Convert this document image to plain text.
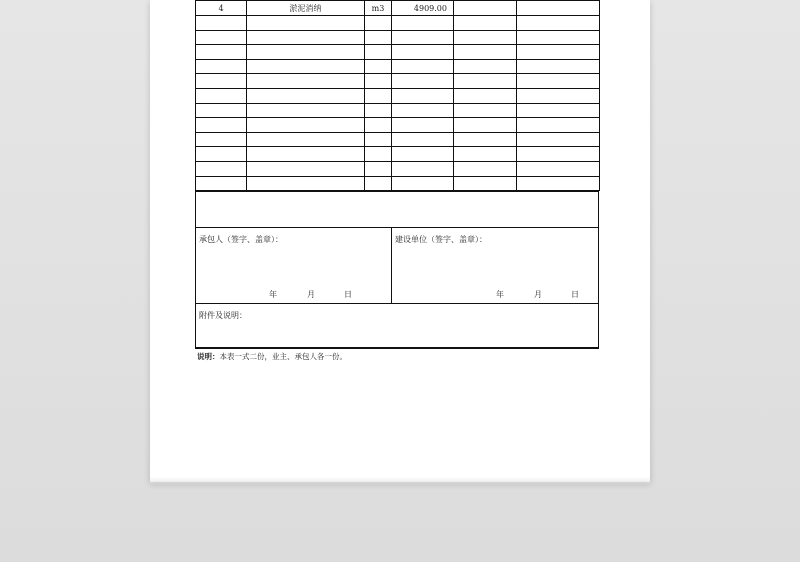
4	淤泥消纳	m3	4909.00		

承包人（签字、盖章）：
年	月	日
建设单位（签字、盖章）：
年	月	日
附件及说明：
说明：本表一式二份，业主、承包人各一份。
